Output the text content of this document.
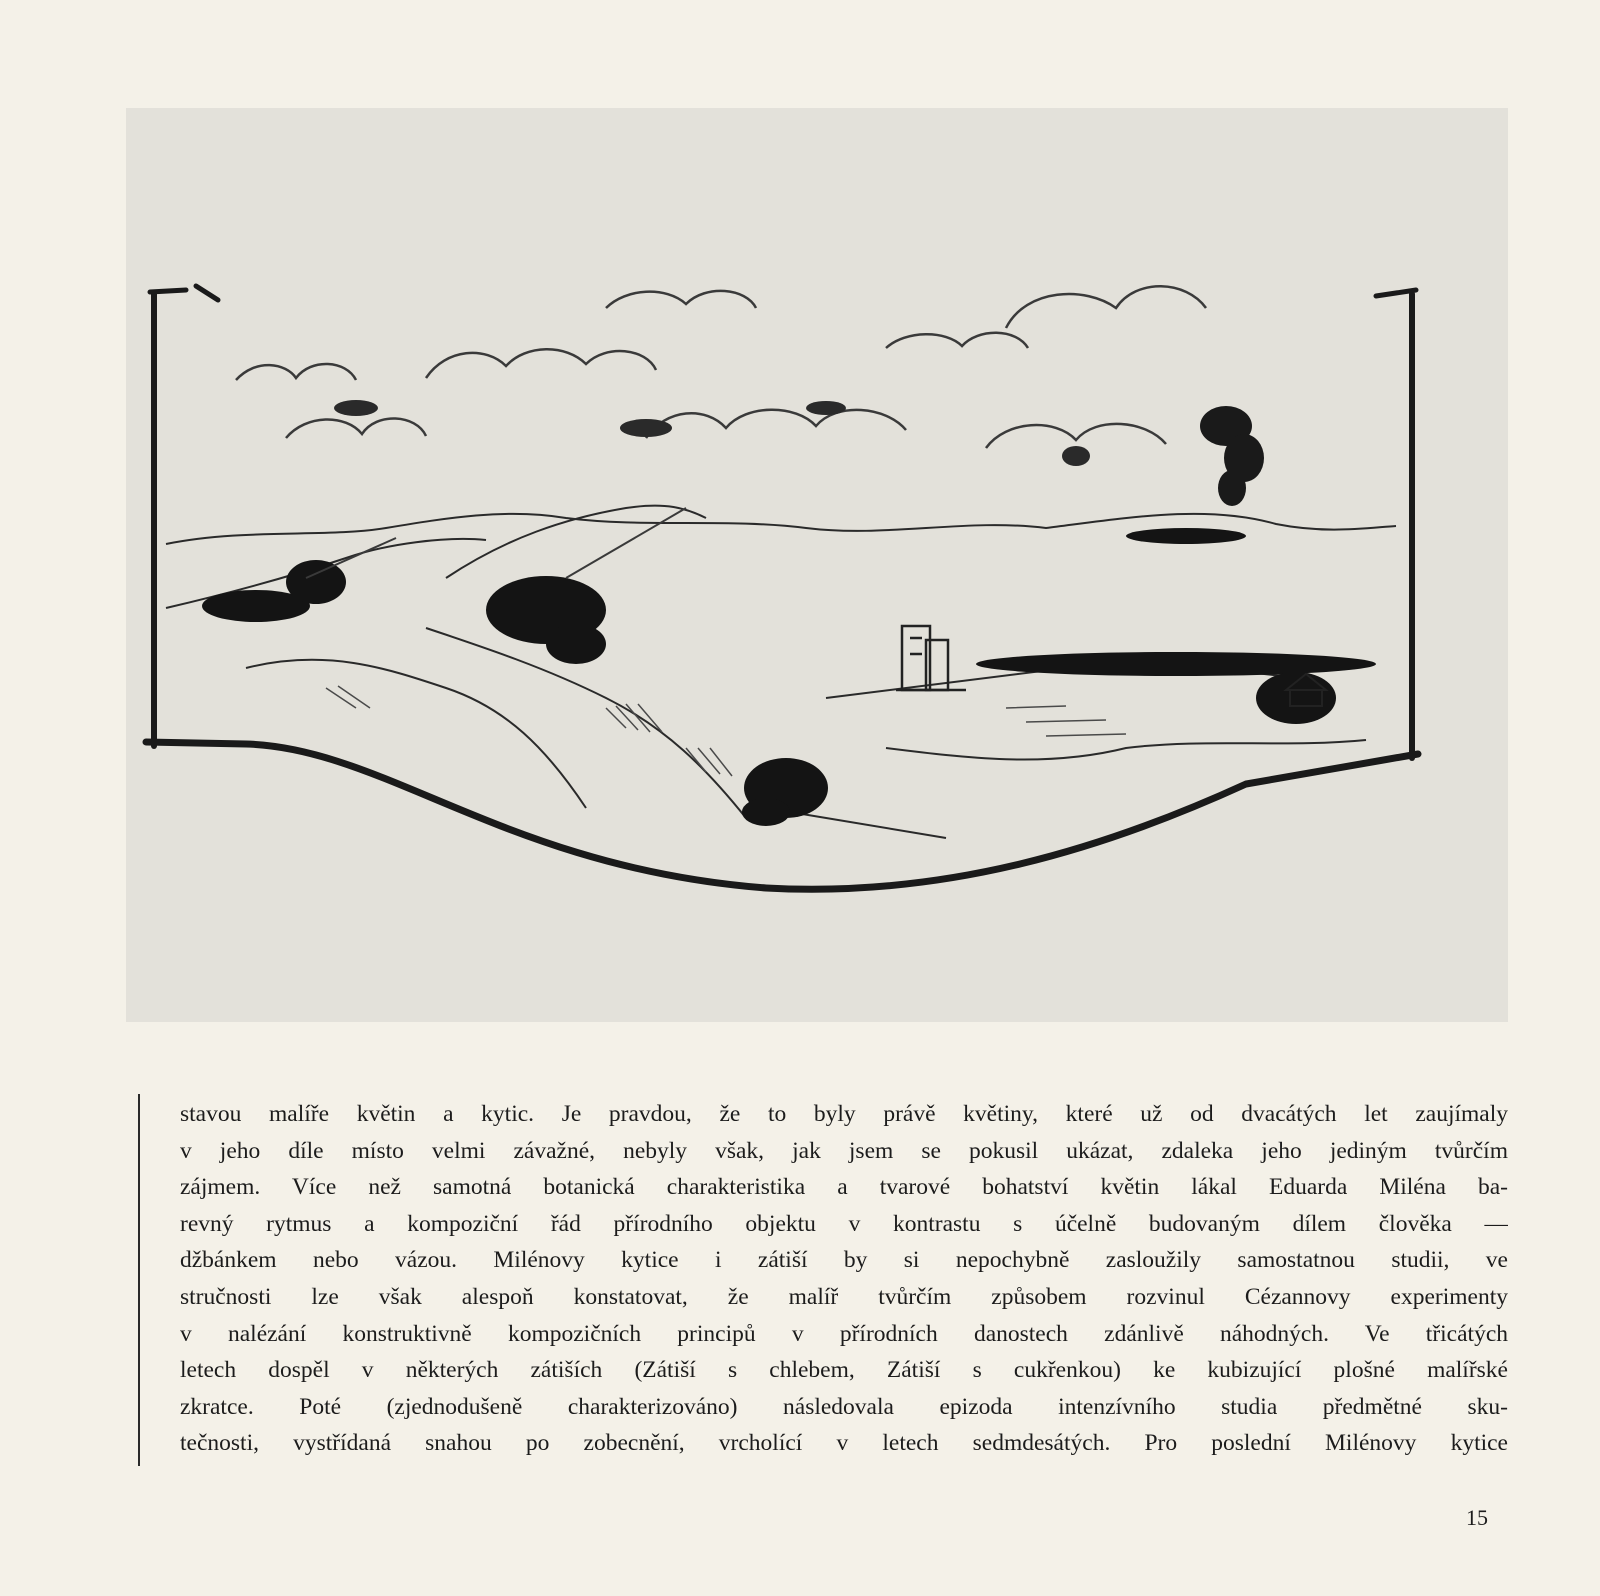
stavou malíře květin a kytic. Je pravdou, že to byly právě květiny, které už od dvacátých let zaujímaly
v jeho díle místo velmi závažné, nebyly však, jak jsem se pokusil ukázat, zdaleka jeho jediným tvůrčím
zájmem. Více než samotná botanická charakteristika a tvarové bohatství květin lákal Eduarda Miléna ba-
revný rytmus a kompoziční řád přírodního objektu v kontrastu s účelně budovaným dílem člověka —
džbánkem nebo vázou. Milénovy kytice i zátiší by si nepochybně zasloužily samostatnou studii, ve
stručnosti lze však alespoň konstatovat, že malíř tvůrčím způsobem rozvinul Cézannovy experimenty
v nalézání konstruktivně kompozičních principů v přírodních danostech zdánlivě náhodných. Ve třicátých
letech dospěl v některých zátiších (Zátiší s chlebem, Zátiší s cukřenkou) ke kubizující plošné malířské
zkratce. Poté (zjednodušeně charakterizováno) následovala epizoda intenzívního studia předmětné sku-
tečnosti, vystřídaná snahou po zobecnění, vrcholící v letech sedmdesátých. Pro poslední Milénovy kytice
15
